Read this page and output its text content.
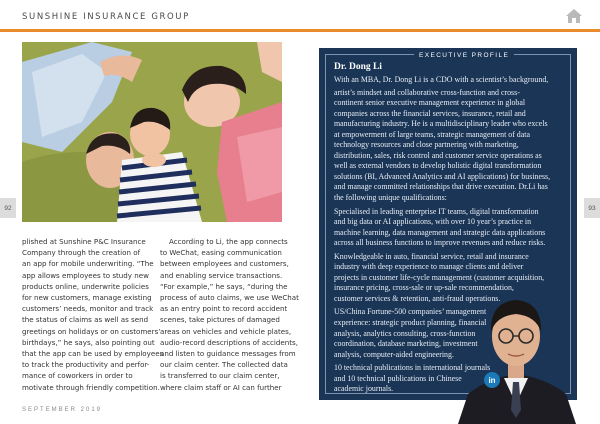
SUNSHINE INSURANCE GROUP
92	93

plished at Sunshine P&C Insurance

Company through the creation of

an app for mobile underwriting. “The

app allows employees to study new

products online, underwrite policies

for new customers, manage existing

customers’ needs, monitor and track

the status of claims as well as send

greetings on holidays or on customers’

birthdays,” he says, also pointing out

that the app can be used by employees

to track the productivity and perfor-

mance of coworkers in order to

motivate through friendly competition.

According to Li, the app connects

to WeChat, easing communication

between employees and customers,

and enabling service transactions.

“For example,” he says, “during the

process of auto claims, we use WeChat

as an entry point to record accident

scenes, take pictures of damaged

areas on vehicles and vehicle plates,

audio-record descriptions of accidents,

and listen to guidance messages from

our claim center. The collected data

is transferred to our claim center,

where claim staff or AI can further

SEPTEMBER 2019
EXECUTIVE PROFILE
Dr. Dong Li

With an MBA, Dr. Dong Li is a CDO with a scientist’s background,

artist’s mindset and collaborative cross-function and cross-

continent senior executive management experience in global

companies across the financial services, insurance, retail and

manufacturing industry. He is a multidisciplinary leader who excels

at empowerment of large teams, strategic management of data

technology resources and close partnering with marketing,

distribution, sales, risk control and customer service operations as

well as external vendors to develop holistic digital transformation

solutions (BI, Advanced Analytics and AI applications) for business,

and manage committed relationships that drive execution. Dr.Li has

the following unique qualifications:

Specialised in leading enterprise IT teams, digital transformation

and big data or AI applications, with over 10 year’s practice in

machine learning, data management and strategic data applications

across all business functions to improve revenues and reduce risks.

Knowledgeable in auto, financial service, retail and insurance

industry with deep experience to manage clients and deliver

projects in customer life-cycle management (customer acquisition,

insurance pricing, cross-sale or up-sale recommendation,

customer services & retention, anti-fraud operations.

US/China Fortune-500 companies’ management

experience: strategic product planning, financial

analysis, analytics consulting, cross-function

coordination, database marketing, investment

analysis, computer-aided engineering.

10 technical publications in international journals

and 10 technical publications in Chinese

academic journals.

in
